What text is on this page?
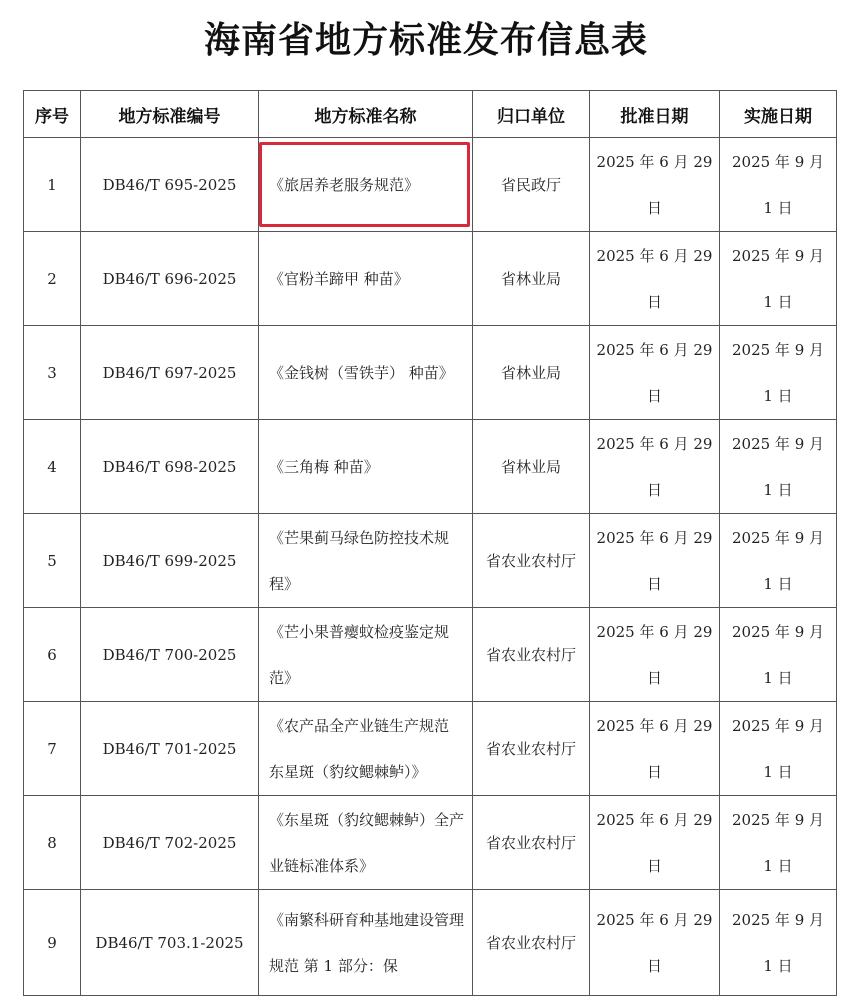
海南省地方标准发布信息表
序号	地方标准编号	地方标准名称	归口单位	批准日期	实施日期

1	DB46/T 695-2025	《旅居养老服务规范》	省民政厅	2025 年 6 月 29 日	2025 年 9 月 1 日

2	DB46/T 696-2025	《官粉羊蹄甲 种苗》	省林业局	2025 年 6 月 29 日	2025 年 9 月 1 日

3	DB46/T 697-2025	《金钱树（雪铁芋） 种苗》	省林业局	2025 年 6 月 29 日	2025 年 9 月 1 日

4	DB46/T 698-2025	《三角梅 种苗》	省林业局	2025 年 6 月 29 日	2025 年 9 月 1 日

5	DB46/T 699-2025	《芒果蓟马绿色防控技术规程》	省农业农村厅	2025 年 6 月 29 日	2025 年 9 月 1 日

6	DB46/T 700-2025	《芒小果普瘿蚊检疫鉴定规范》	省农业农村厅	2025 年 6 月 29 日	2025 年 9 月 1 日

7	DB46/T 701-2025	《农产品全产业链生产规范 东星斑（豹纹鳃棘鲈）》	省农业农村厅	2025 年 6 月 29 日	2025 年 9 月 1 日

8	DB46/T 702-2025	《东星斑（豹纹鳃棘鲈）全产业链标准体系》	省农业农村厅	2025 年 6 月 29 日	2025 年 9 月 1 日

9	DB46/T 703.1-2025	《南繁科研育种基地建设管理规范 第 1 部分：保	省农业农村厅	2025 年 6 月 29 日	2025 年 9 月 1 日
